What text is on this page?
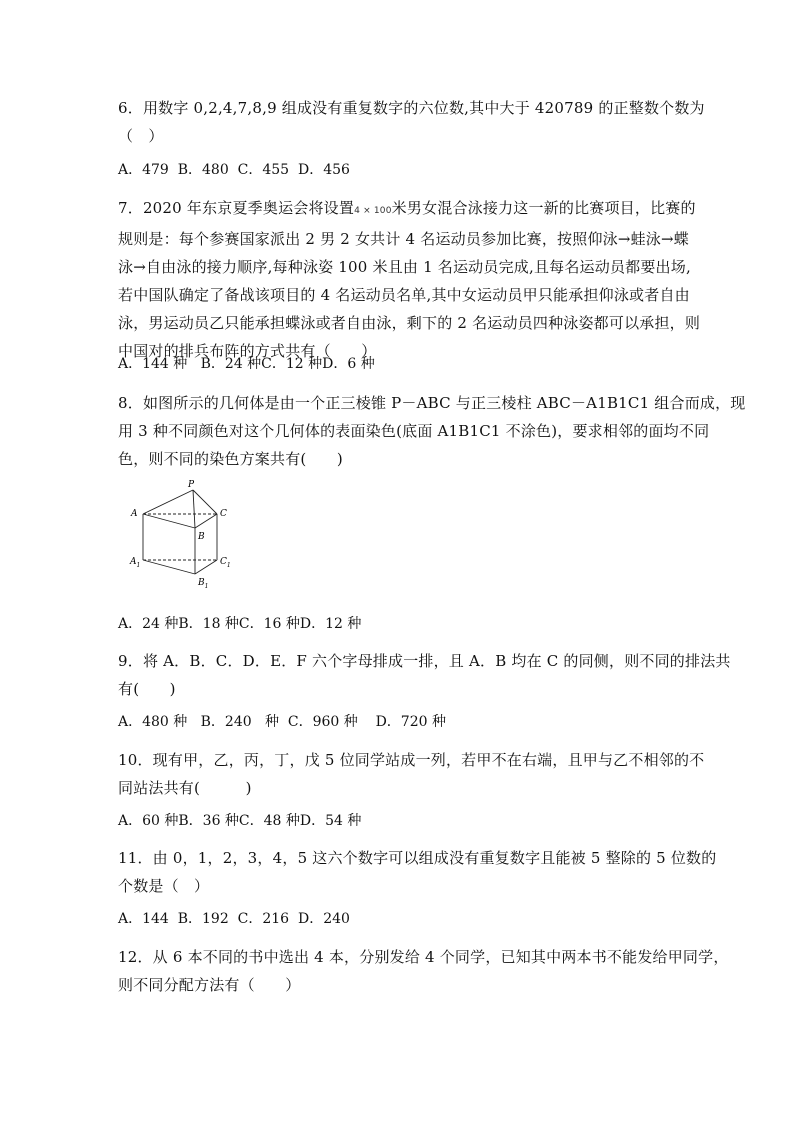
6．用数字 0,2,4,7,8,9 组成没有重复数字的六位数,其中大于 420789 的正整数个数为
（　）
A．479  B．480  C．455  D．456
7．2020 年东京夏季奥运会将设置4 × 100米男女混合泳接力这一新的比赛项目，比赛的
规则是：每个参赛国家派出 2 男 2 女共计 4 名运动员参加比赛，按照仰泳→蛙泳→蝶
泳→自由泳的接力顺序,每种泳姿 100 米且由 1 名运动员完成,且每名运动员都要出场,
若中国队确定了备战该项目的 4 名运动员名单,其中女运动员甲只能承担仰泳或者自由
泳，男运动员乙只能承担蝶泳或者自由泳，剩下的 2 名运动员四种泳姿都可以承担，则
中国对的排兵布阵的方式共有（　　）
A．144 种   B．24 种C．12 种D．6 种
8．如图所示的几何体是由一个正三棱锥 P－ABC 与正三棱柱 ABC－A1B1C1 组合而成，现
用 3 种不同颜色对这个几何体的表面染色(底面 A1B1C1 不涂色)，要求相邻的面均不同
色，则不同的染色方案共有(　　)
P
A	C
B
$A_1$	$C_1$
$B_1$
A．24 种B．18 种C．16 种D．12 种
9．将 A．B．C．D．E．F 六个字母排成一排，且 A．B 均在 C 的同侧，则不同的排法共
有(　　)
A．480 种   B．240   种  C．960 种    D．720 种
10．现有甲，乙，丙，丁，戊 5 位同学站成一列，若甲不在右端，且甲与乙不相邻的不
同站法共有(　　　)
A．60 种B．36 种C．48 种D．54 种
11．由 0，1，2，3，4，5 这六个数字可以组成没有重复数字且能被 5 整除的 5 位数的
个数是（　）
A．144  B．192  C．216  D．240
12．从 6 本不同的书中选出 4 本，分别发给 4 个同学，已知其中两本书不能发给甲同学，
则不同分配方法有（　　）
